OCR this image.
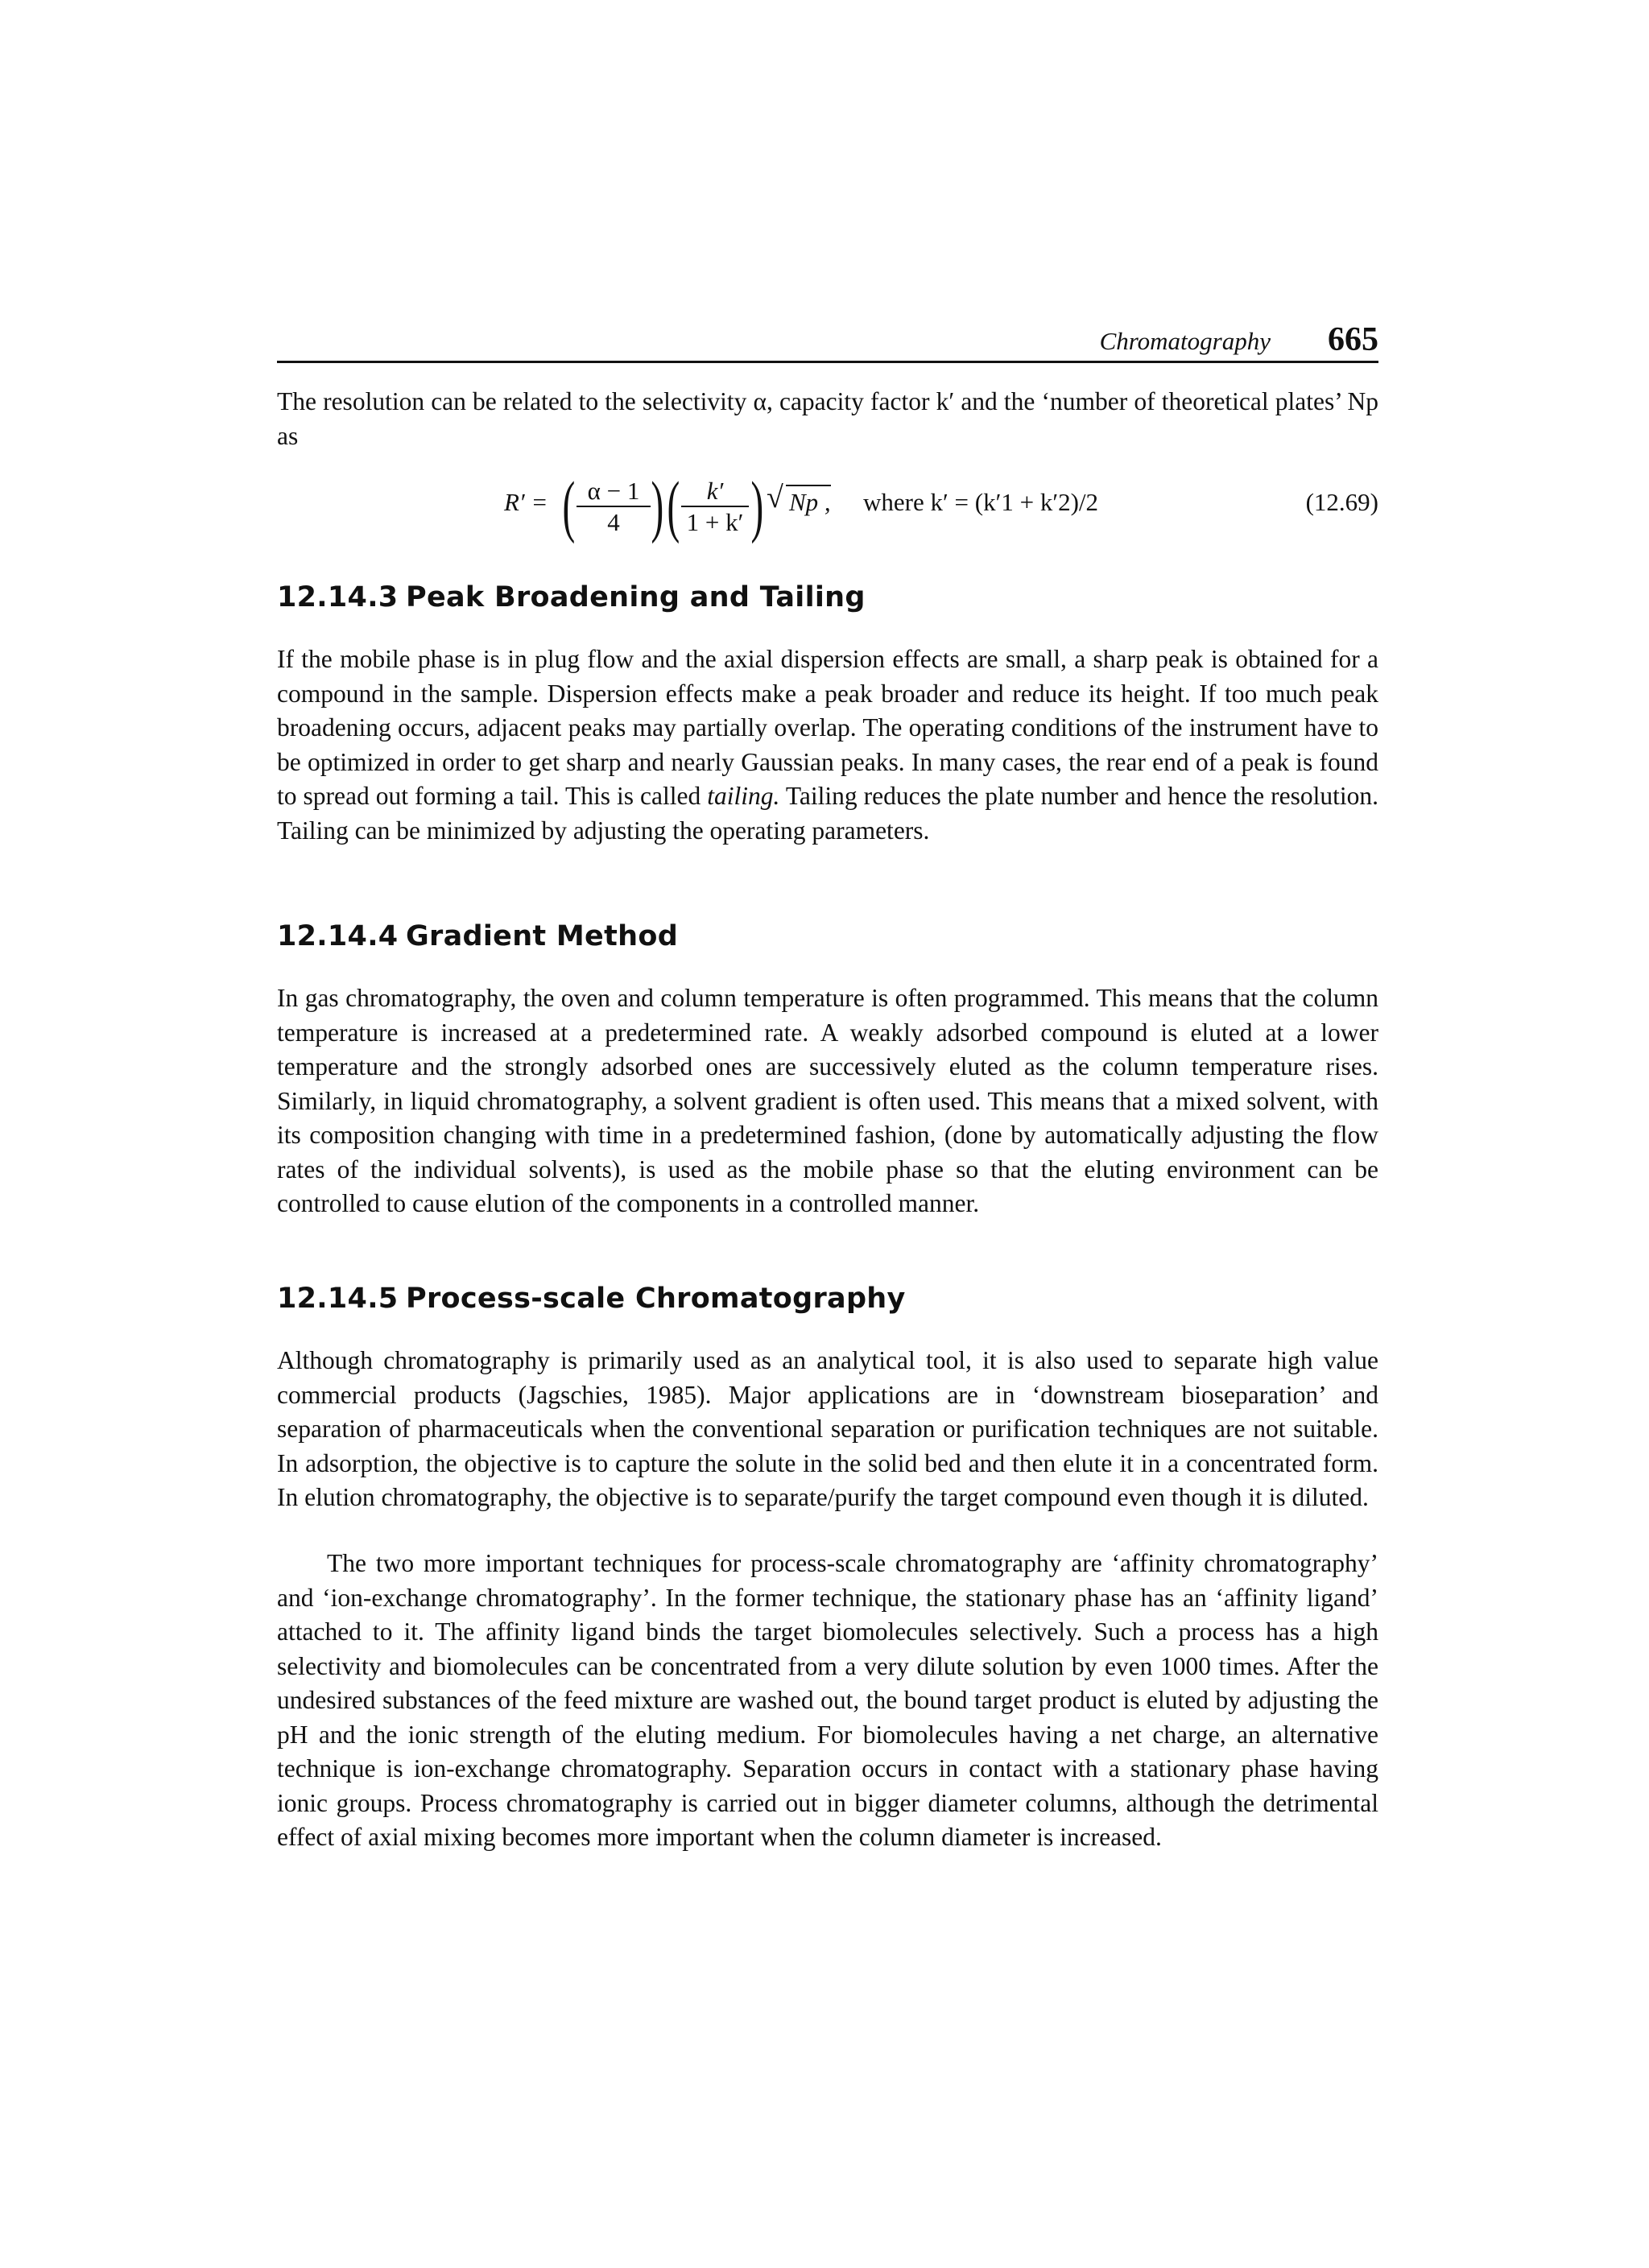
Chromatography 665

The resolution can be related to the selectivity α, capacity factor k′ and the ‘number of theoretical plates’ Np as

R′ = ( $\frac{\alpha - 1}{4}$ ) ( $\frac{k'}{1 + k'}$ ) √ Np , where k′ = (k′1 + k′2)/2	(12.69)
12.14.3 Peak Broadening and Tailing

If the mobile phase is in plug flow and the axial dispersion effects are small, a sharp peak is obtained for a compound in the sample. Dispersion effects make a peak broader and reduce its height. If too much peak broadening occurs, adjacent peaks may partially overlap. The operating conditions of the instrument have to be optimized in order to get sharp and nearly Gaussian peaks. In many cases, the rear end of a peak is found to spread out forming a tail. This is called tailing. Tailing reduces the plate number and hence the resolution. Tailing can be minimized by adjusting the operating parameters.

12.14.4 Gradient Method

In gas chromatography, the oven and column temperature is often programmed. This means that the column temperature is increased at a predetermined rate. A weakly adsorbed compound is eluted at a lower temperature and the strongly adsorbed ones are successively eluted as the column temperature rises. Similarly, in liquid chromatography, a solvent gradient is often used. This means that a mixed solvent, with its composition changing with time in a predetermined fashion, (done by automatically adjusting the flow rates of the individual solvents), is used as the mobile phase so that the eluting environment can be controlled to cause elution of the components in a controlled manner.

12.14.5 Process-scale Chromatography

Although chromatography is primarily used as an analytical tool, it is also used to separate high value commercial products (Jagschies, 1985). Major applications are in ‘downstream bioseparation’ and separation of pharmaceuticals when the conventional separation or purification techniques are not suitable. In adsorption, the objective is to capture the solute in the solid bed and then elute it in a concentrated form. In elution chromatography, the objective is to separate/purify the target compound even though it is diluted.

The two more important techniques for process-scale chromatography are ‘affinity chromatography’ and ‘ion-exchange chromatography’. In the former technique, the stationary phase has an ‘affinity ligand’ attached to it. The affinity ligand binds the target biomolecules selectively. Such a process has a high selectivity and biomolecules can be concentrated from a very dilute solution by even 1000 times. After the undesired substances of the feed mixture are washed out, the bound target product is eluted by adjusting the pH and the ionic strength of the eluting medium. For biomolecules having a net charge, an alternative technique is ion-exchange chromatography. Separation occurs in contact with a stationary phase having ionic groups. Process chromatography is carried out in bigger diameter columns, although the detrimental effect of axial mixing becomes more important when the column diameter is increased.
